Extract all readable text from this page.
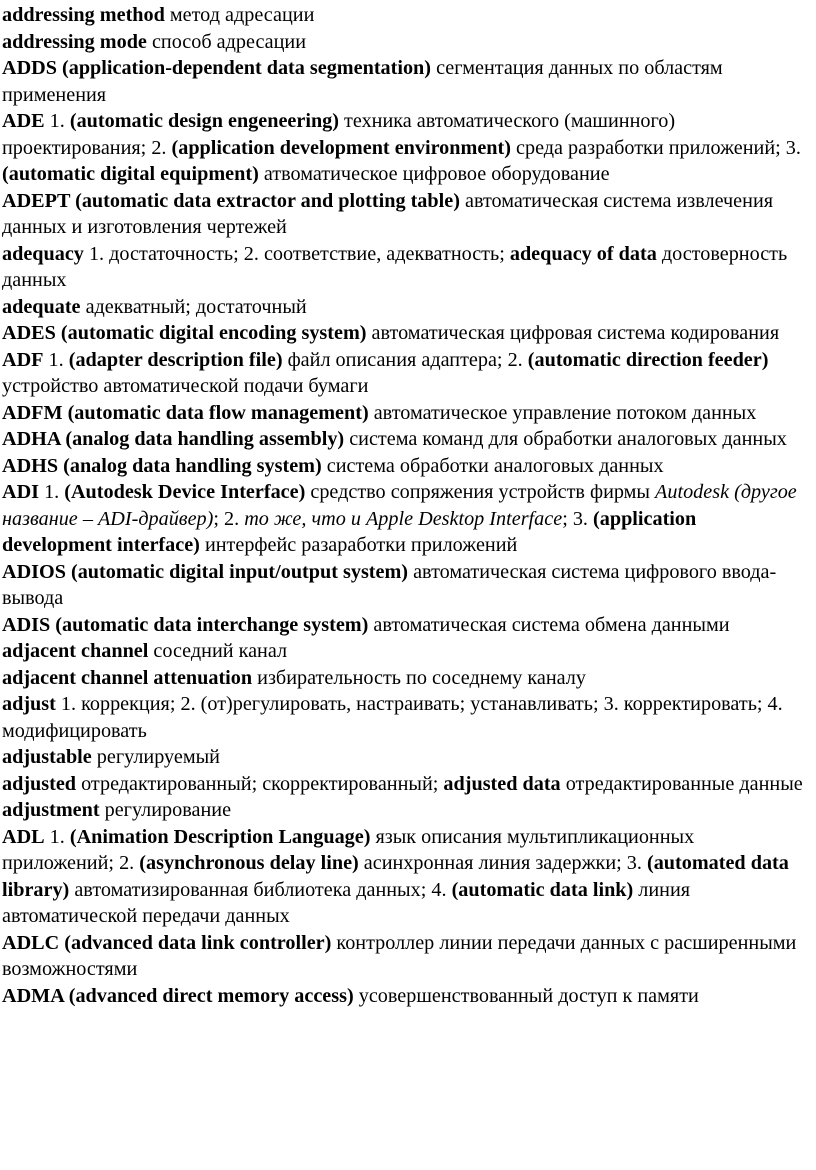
addressing method метод адресации

addressing mode способ адресации

ADDS (application-dependent data segmentation) сегментация данных по областям применения

ADE 1. (automatic design engeneering) техника автоматического (машинного) проектирования; 2. (application development environment) среда разработки приложений; 3. (automatic digital equipment) атвоматическое цифровое оборудование

ADEPT (automatic data extractor and plotting table) автоматическая система извлечения данных и изготовления чертежей

adequacy 1. достаточность; 2. соответствие, адекватность; adequacy of data достоверность данных

adequate адекватный; достаточный

ADES (automatic digital encoding system) автоматическая цифровая система кодирования

ADF 1. (adapter description file) файл описания адаптера; 2. (automatic direction feeder) устройство автоматической подачи бумаги

ADFM (automatic data flow management) автоматическое управление потоком данных

ADHA (analog data handling assembly) система команд для обработки аналоговых данных

ADHS (analog data handling system) система обработки аналоговых данных

ADI 1. (Autodesk Device Interface) средство сопряжения устройств фирмы Autodesk (другое название – ADI-драйвер); 2. то же, что и Apple Desktop Interface; 3. (application development interface) интерфейс разаработки приложений

ADIOS (automatic digital input/output system) автоматическая система цифрового ввода-вывода

ADIS (automatic data interchange system) автоматическая система обмена данными

adjacent channel соседний канал

adjacent channel attenuation избирательность по соседнему каналу

adjust 1. коррекция; 2. (от)регулировать, настраивать; устанавливать; 3. корректировать; 4. модифицировать

adjustable регулируемый

adjusted отредактированный; скорректированный; adjusted data отредактированные данные

adjustment регулирование

ADL 1. (Animation Description Language) язык описания мультипликационных приложений; 2. (asynchronous delay line) асинхронная линия задержки; 3. (automated data library) автоматизированная библиотека данных; 4. (automatic data link) линия автоматической передачи данных

ADLC (advanced data link controller) контроллер линии передачи данных с расширенными возможностями

ADMA (advanced direct memory access) усовершенствованный доступ к памяти
